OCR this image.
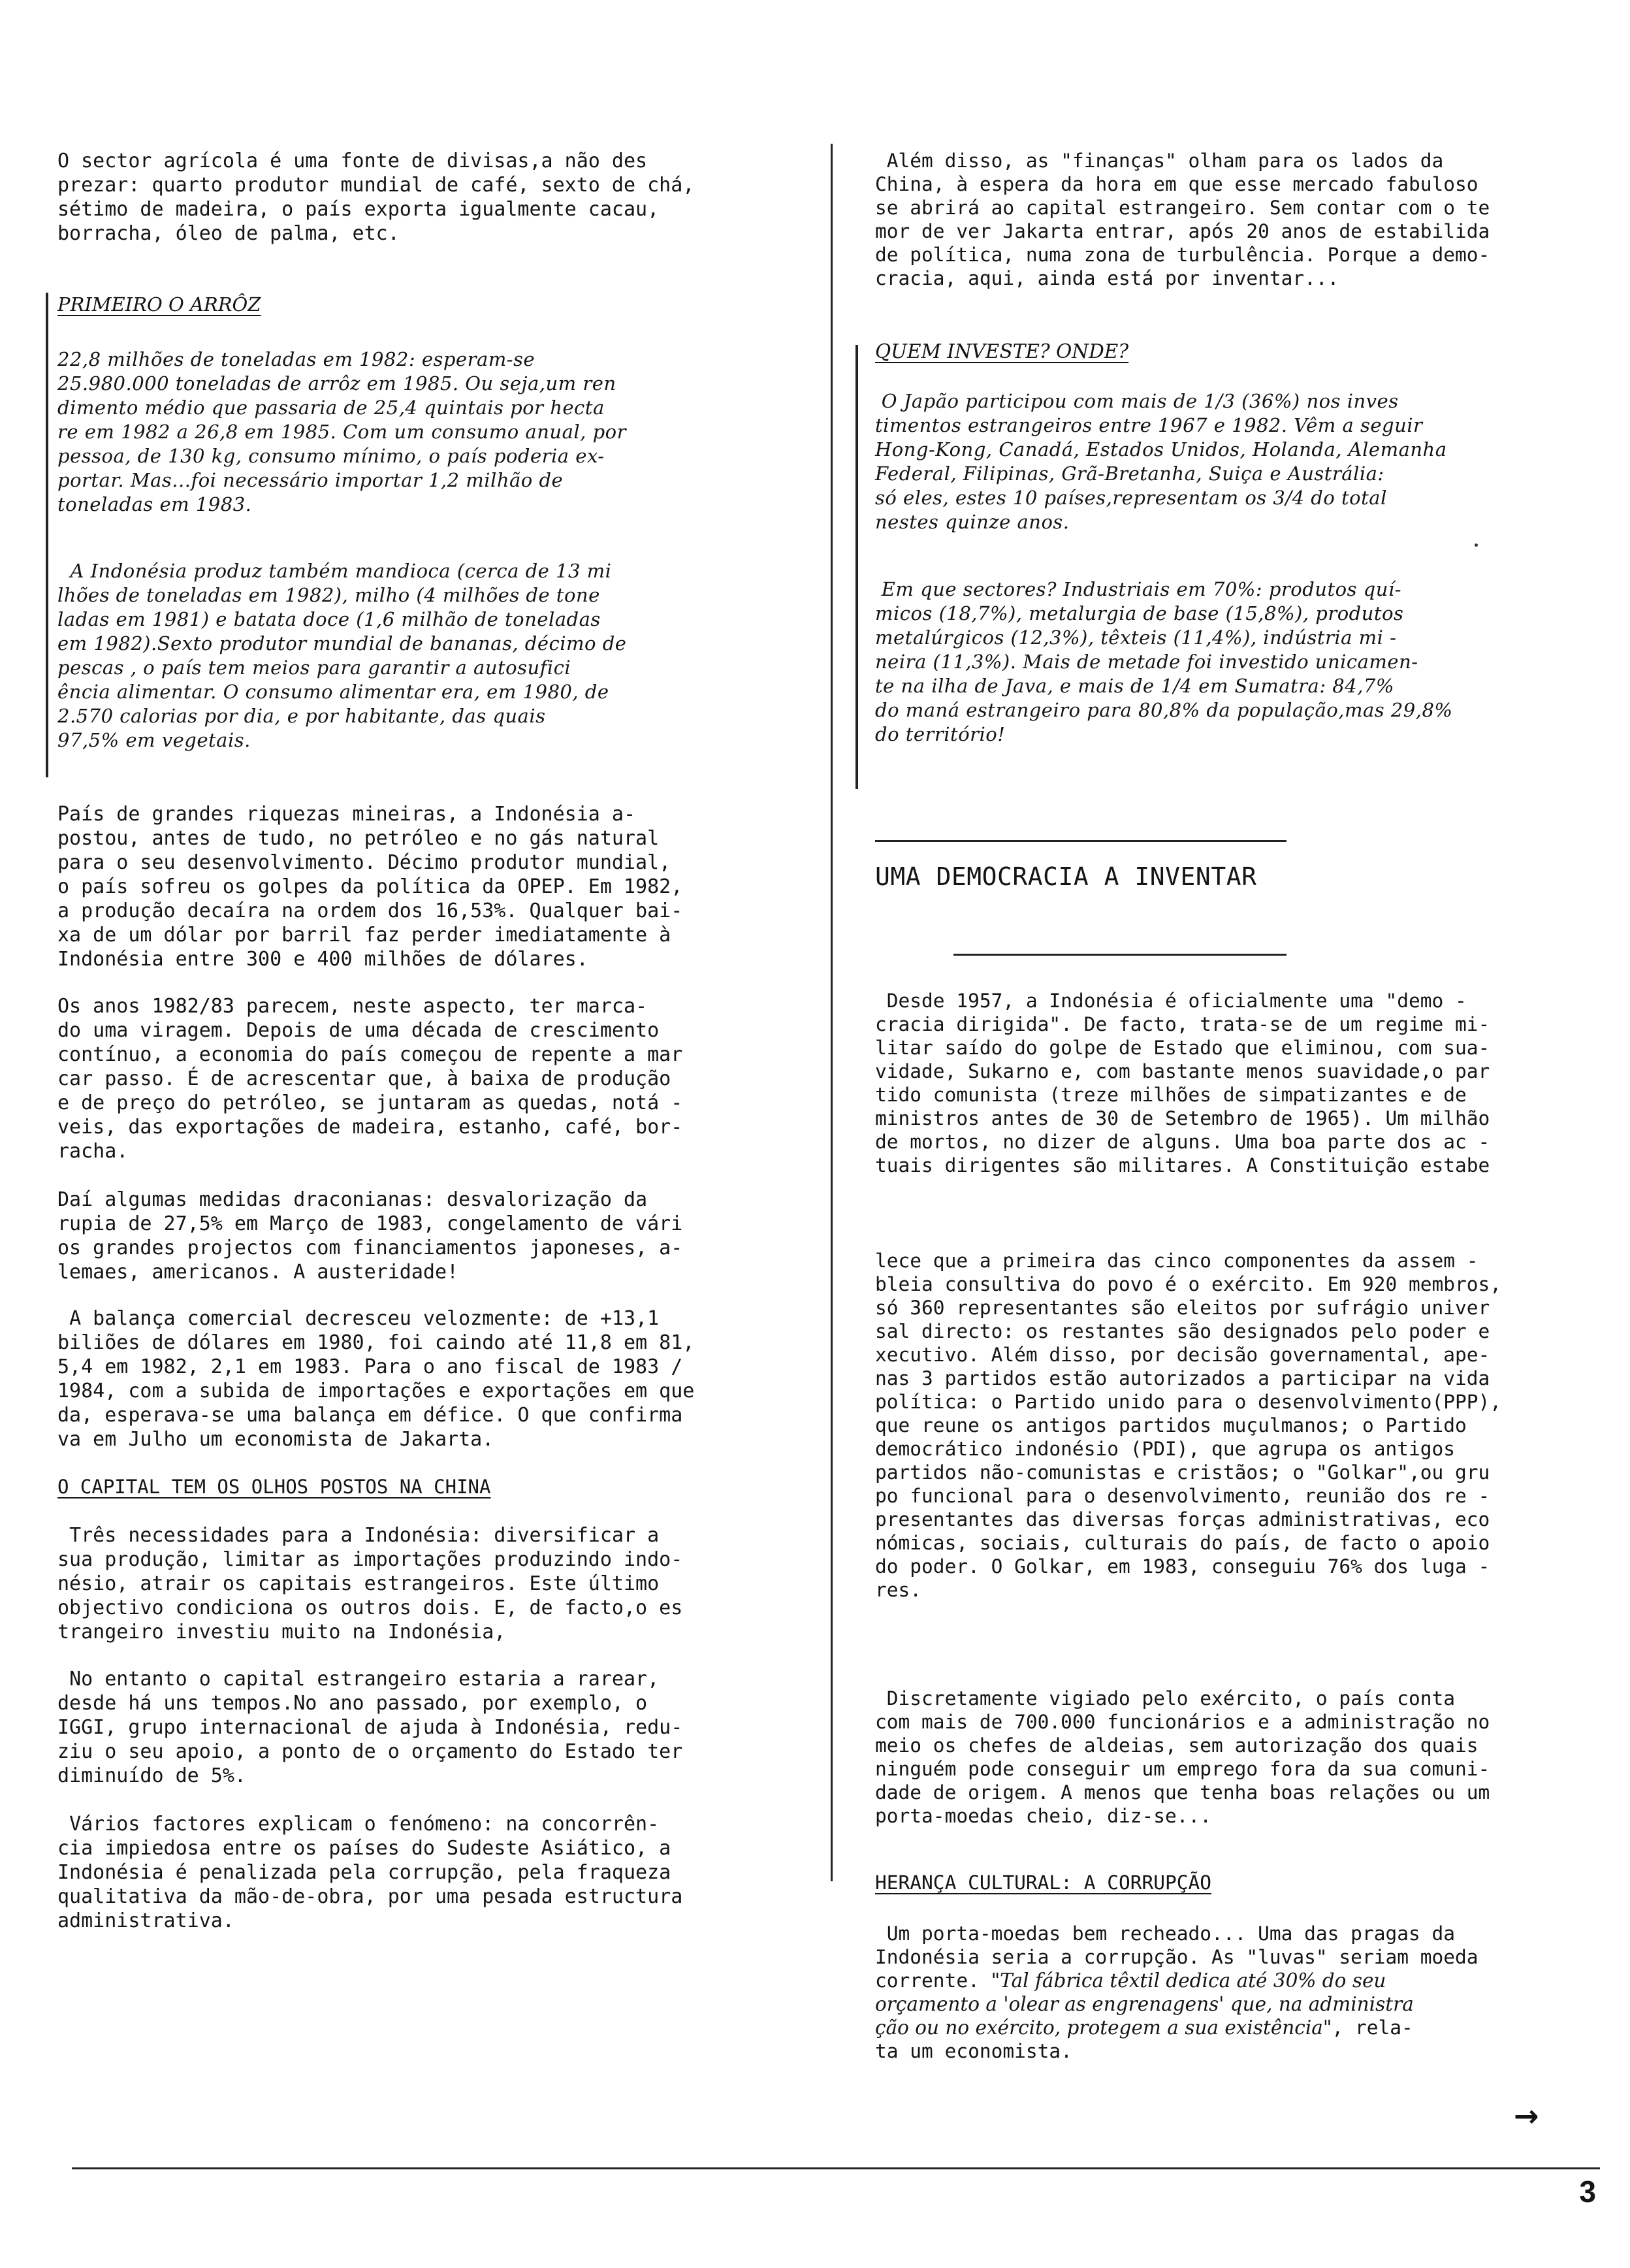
O sector agrícola é uma fonte de divisas,a não des
prezar: quarto produtor mundial de café, sexto de chá,
sétimo de madeira, o país exporta igualmente cacau,
borracha, óleo de palma, etc.

PRIMEIRO O ARRÔZ

22,8 milhões de toneladas em 1982: esperam-se
25.980.000 toneladas de arrôz em 1985. Ou seja,um ren
dimento médio que passaria de 25,4 quintais por hecta
re em 1982 a 26,8 em 1985. Com um consumo anual, por
pessoa, de 130 kg, consumo mínimo, o país poderia ex-
portar. Mas...foi necessário importar 1,2 milhão de
toneladas em 1983.

A Indonésia produz também mandioca (cerca de 13 mi
lhões de toneladas em 1982), milho (4 milhões de tone
ladas em 1981) e batata doce (1,6 milhão de toneladas
em 1982).Sexto produtor mundial de bananas, décimo de
pescas , o país tem meios para garantir a autosufici
ência alimentar. O consumo alimentar era, em 1980, de
2.570 calorias por dia, e por habitante, das quais
97,5% em vegetais.

País de grandes riquezas mineiras, a Indonésia a-
postou, antes de tudo, no petróleo e no gás natural
para o seu desenvolvimento. Décimo produtor mundial,
o país sofreu os golpes da política da OPEP. Em 1982,
a produção decaíra na ordem dos 16,53%. Qualquer bai-
xa de um dólar por barril faz perder imediatamente à
Indonésia entre 300 e 400 milhões de dólares.

Os anos 1982/83 parecem, neste aspecto, ter marca-
do uma viragem. Depois de uma década de crescimento
contínuo, a economia do país começou de repente a mar
car passo. É de acrescentar que, à baixa de produção
e de preço do petróleo, se juntaram as quedas, notá -
veis, das exportações de madeira, estanho, café, bor-
racha.

Daí algumas medidas draconianas: desvalorização da
rupia de 27,5% em Março de 1983, congelamento de vári
os grandes projectos com financiamentos japoneses, a-
lemaes, americanos. A austeridade!

A balança comercial decresceu velozmente: de +13,1
biliões de dólares em 1980, foi caindo até 11,8 em 81,
5,4 em 1982, 2,1 em 1983. Para o ano fiscal de 1983 /
1984, com a subida de importações e exportações em que
da, esperava-se uma balança em défice. O que confirma
va em Julho um economista de Jakarta.

O CAPITAL TEM OS OLHOS POSTOS NA CHINA

Três necessidades para a Indonésia: diversificar a
sua produção, limitar as importações produzindo indo-
nésio, atrair os capitais estrangeiros. Este último
objectivo condiciona os outros dois. E, de facto,o es
trangeiro investiu muito na Indonésia,

No entanto o capital estrangeiro estaria a rarear,
desde há uns tempos.No ano passado, por exemplo, o
IGGI, grupo internacional de ajuda à Indonésia, redu-
ziu o seu apoio, a ponto de o orçamento do Estado ter
diminuído de 5%.

Vários factores explicam o fenómeno: na concorrên-
cia impiedosa entre os países do Sudeste Asiático, a
Indonésia é penalizada pela corrupção, pela fraqueza
qualitativa da mão-de-obra, por uma pesada estructura
administrativa.

Além disso, as "finanças" olham para os lados da
China, à espera da hora em que esse mercado fabuloso
se abrirá ao capital estrangeiro. Sem contar com o te
mor de ver Jakarta entrar, após 20 anos de estabilida
de política, numa zona de turbulência. Porque a demo-
cracia, aqui, ainda está por inventar...

QUEM INVESTE? ONDE?

O Japão participou com mais de 1/3 (36%) nos inves
timentos estrangeiros entre 1967 e 1982. Vêm a seguir
Hong-Kong, Canadá, Estados Unidos, Holanda, Alemanha
Federal, Filipinas, Grã-Bretanha, Suiça e Austrália:
só eles, estes 10 países,representam os 3/4 do total
nestes quinze anos.

Em que sectores? Industriais em 70%: produtos quí-
micos (18,7%), metalurgia de base (15,8%), produtos
metalúrgicos (12,3%), têxteis (11,4%), indústria mi -
neira (11,3%). Mais de metade foi investido unicamen-
te na ilha de Java, e mais de 1/4 em Sumatra: 84,7%
do maná estrangeiro para 80,8% da população,mas 29,8%
do território!

UMA DEMOCRACIA A INVENTAR

Desde 1957, a Indonésia é oficialmente uma "demo -
cracia dirigida". De facto, trata-se de um regime mi-
litar saído do golpe de Estado que eliminou, com sua-
vidade, Sukarno e, com bastante menos suavidade,o par
tido comunista (treze milhões de simpatizantes e de
ministros antes de 30 de Setembro de 1965). Um milhão
de mortos, no dizer de alguns. Uma boa parte dos ac -
tuais dirigentes são militares. A Constituição estabe

lece que a primeira das cinco componentes da assem -
bleia consultiva do povo é o exército. Em 920 membros,
só 360 representantes são eleitos por sufrágio univer
sal directo: os restantes são designados pelo poder e
xecutivo. Além disso, por decisão governamental, ape-
nas 3 partidos estão autorizados a participar na vida
política: o Partido unido para o desenvolvimento(PPP),
que reune os antigos partidos muçulmanos; o Partido
democrático indonésio (PDI), que agrupa os antigos
partidos não-comunistas e cristãos; o "Golkar",ou gru
po funcional para o desenvolvimento, reunião dos re -
presentantes das diversas forças administrativas, eco
nómicas, sociais, culturais do país, de facto o apoio
do poder. O Golkar, em 1983, conseguiu 76% dos luga -
res.

Discretamente vigiado pelo exército, o país conta
com mais de 700.000 funcionários e a administração no
meio os chefes de aldeias, sem autorização dos quais
ninguém pode conseguir um emprego fora da sua comuni-
dade de origem. A menos que tenha boas relações ou um
porta-moedas cheio, diz-se...

HERANÇA CULTURAL: A CORRUPÇÃO

Um porta-moedas bem recheado... Uma das pragas da
Indonésia seria a corrupção. As "luvas" seriam moeda
corrente. "Tal fábrica têxtil dedica até 30% do seu
orçamento a 'olear as engrenagens' que, na administra
ção ou no exército, protegem a sua existência", rela-
ta um economista.

→
3
